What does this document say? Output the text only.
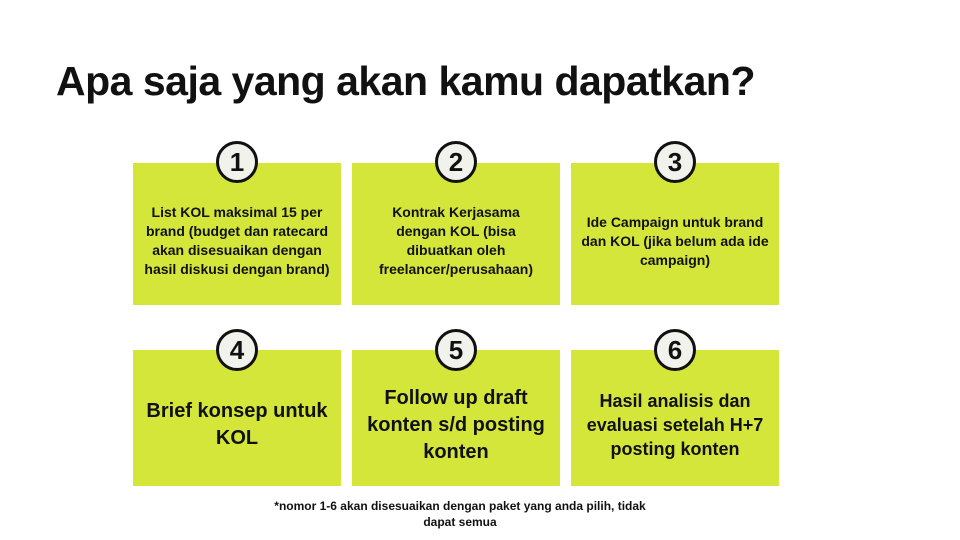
Apa saja yang akan kamu dapatkan?
List KOL maksimal 15 per brand (budget dan ratecard akan disesuaikan dengan hasil diskusi dengan brand)
1
Kontrak Kerjasama dengan KOL (bisa dibuatkan oleh freelancer/perusahaan)
2
Ide Campaign untuk brand dan KOL (jika belum ada ide campaign)
3
Brief konsep untuk KOL
4
Follow up draft konten s/d posting konten
5
Hasil analisis dan evaluasi setelah H+7 posting konten
6
*nomor 1-6 akan disesuaikan dengan paket yang anda pilih, tidak dapat semua
